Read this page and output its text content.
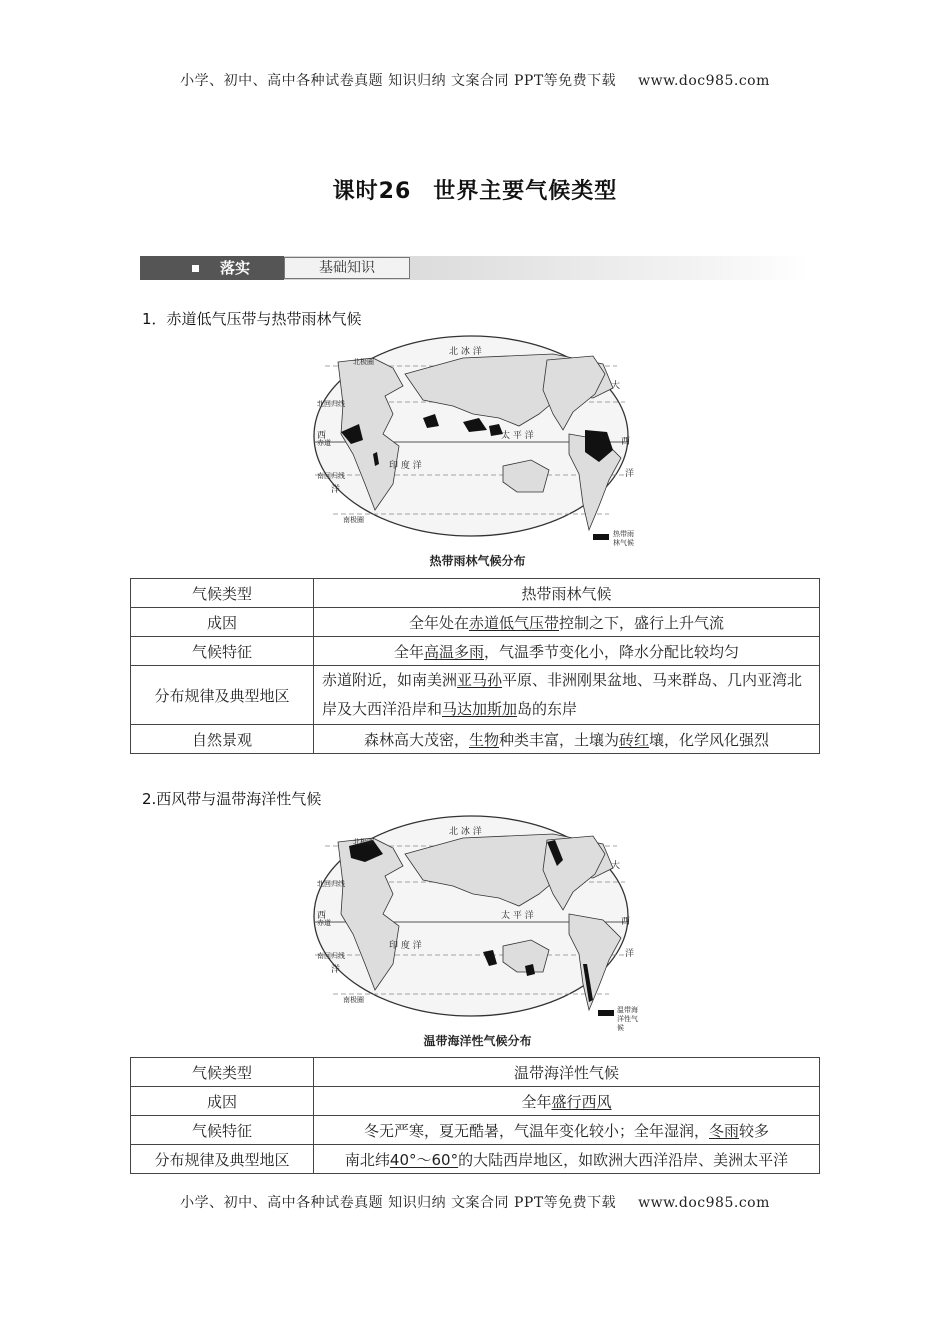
小学、初中、高中各种试卷真题 知识归纳 文案合同 PPT等免费下载 www.doc985.com
课时26 世界主要气候类型
落实	基础知识
1．赤道低气压带与热带雨林气候
北 冰 洋
大
西	太 平 洋
印 度 洋
洋
西
洋
赤道
北回归线
南回归线
北极圈
南极圈
热带雨
林气候
热带雨林气候分布
气候类型	热带雨林气候
成因	全年处在赤道低气压带控制之下，盛行上升气流
气候特征	全年高温多雨，气温季节变化小，降水分配比较均匀
分布规律及典型地区	赤道附近，如南美洲亚马孙平原、非洲刚果盆地、马来群岛、几内亚湾北岸及大西洋沿岸和马达加斯加岛的东岸
自然景观	森林高大茂密，生物种类丰富，土壤为砖红壤，化学风化强烈
2.西风带与温带海洋性气候
北 冰 洋
大
西	太 平 洋
印 度 洋
洋
西
洋
赤道
北回归线
南回归线
北极圈
南极圈
温带海
洋性气
候
温带海洋性气候分布
气候类型	温带海洋性气候
成因	全年盛行西风
气候特征	冬无严寒，夏无酷暑，气温年变化较小；全年湿润，冬雨较多
分布规律及典型地区	南北纬40°～60°的大陆西岸地区，如欧洲大西洋沿岸、美洲太平洋
小学、初中、高中各种试卷真题 知识归纳 文案合同 PPT等免费下载 www.doc985.com
